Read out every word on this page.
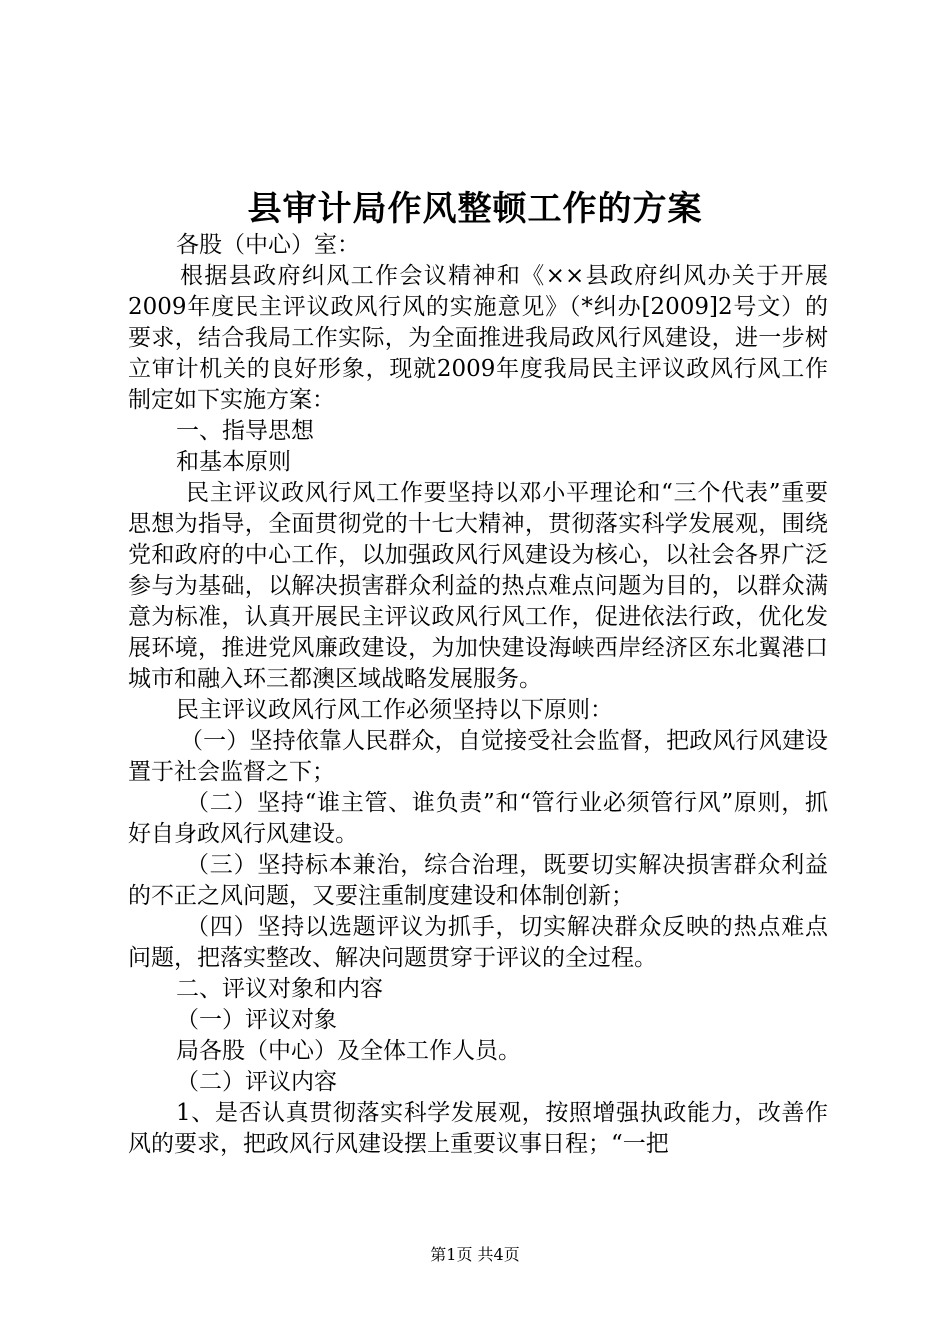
县审计局作风整顿工作的方案

各股（中心）室：

根据县政府纠风工作会议精神和《××县政府纠风办关于开展2009年度民主评议政风行风的实施意见》（*纠办[2009]2号文）的要求，结合我局工作实际，为全面推进我局政风行风建设，进一步树立审计机关的良好形象，现就2009年度我局民主评议政风行风工作制定如下实施方案：

一、指导思想

和基本原则

民主评议政风行风工作要坚持以邓小平理论和“三个代表”重要思想为指导，全面贯彻党的十七大精神，贯彻落实科学发展观，围绕党和政府的中心工作，以加强政风行风建设为核心，以社会各界广泛参与为基础，以解决损害群众利益的热点难点问题为目的，以群众满意为标准，认真开展民主评议政风行风工作，促进依法行政，优化发展环境，推进党风廉政建设，为加快建设海峡西岸经济区东北翼港口城市和融入环三都澳区域战略发展服务。

民主评议政风行风工作必须坚持以下原则：

（一）坚持依靠人民群众，自觉接受社会监督，把政风行风建设置于社会监督之下；

（二）坚持“谁主管、谁负责”和“管行业必须管行风”原则，抓好自身政风行风建设。

（三）坚持标本兼治，综合治理，既要切实解决损害群众利益的不正之风问题，又要注重制度建设和体制创新；

（四）坚持以选题评议为抓手，切实解决群众反映的热点难点问题，把落实整改、解决问题贯穿于评议的全过程。

二、评议对象和内容

（一）评议对象

局各股（中心）及全体工作人员。

（二）评议内容

1、是否认真贯彻落实科学发展观，按照增强执政能力，改善作风的要求，把政风行风建设摆上重要议事日程；“一把

第1页 共4页
